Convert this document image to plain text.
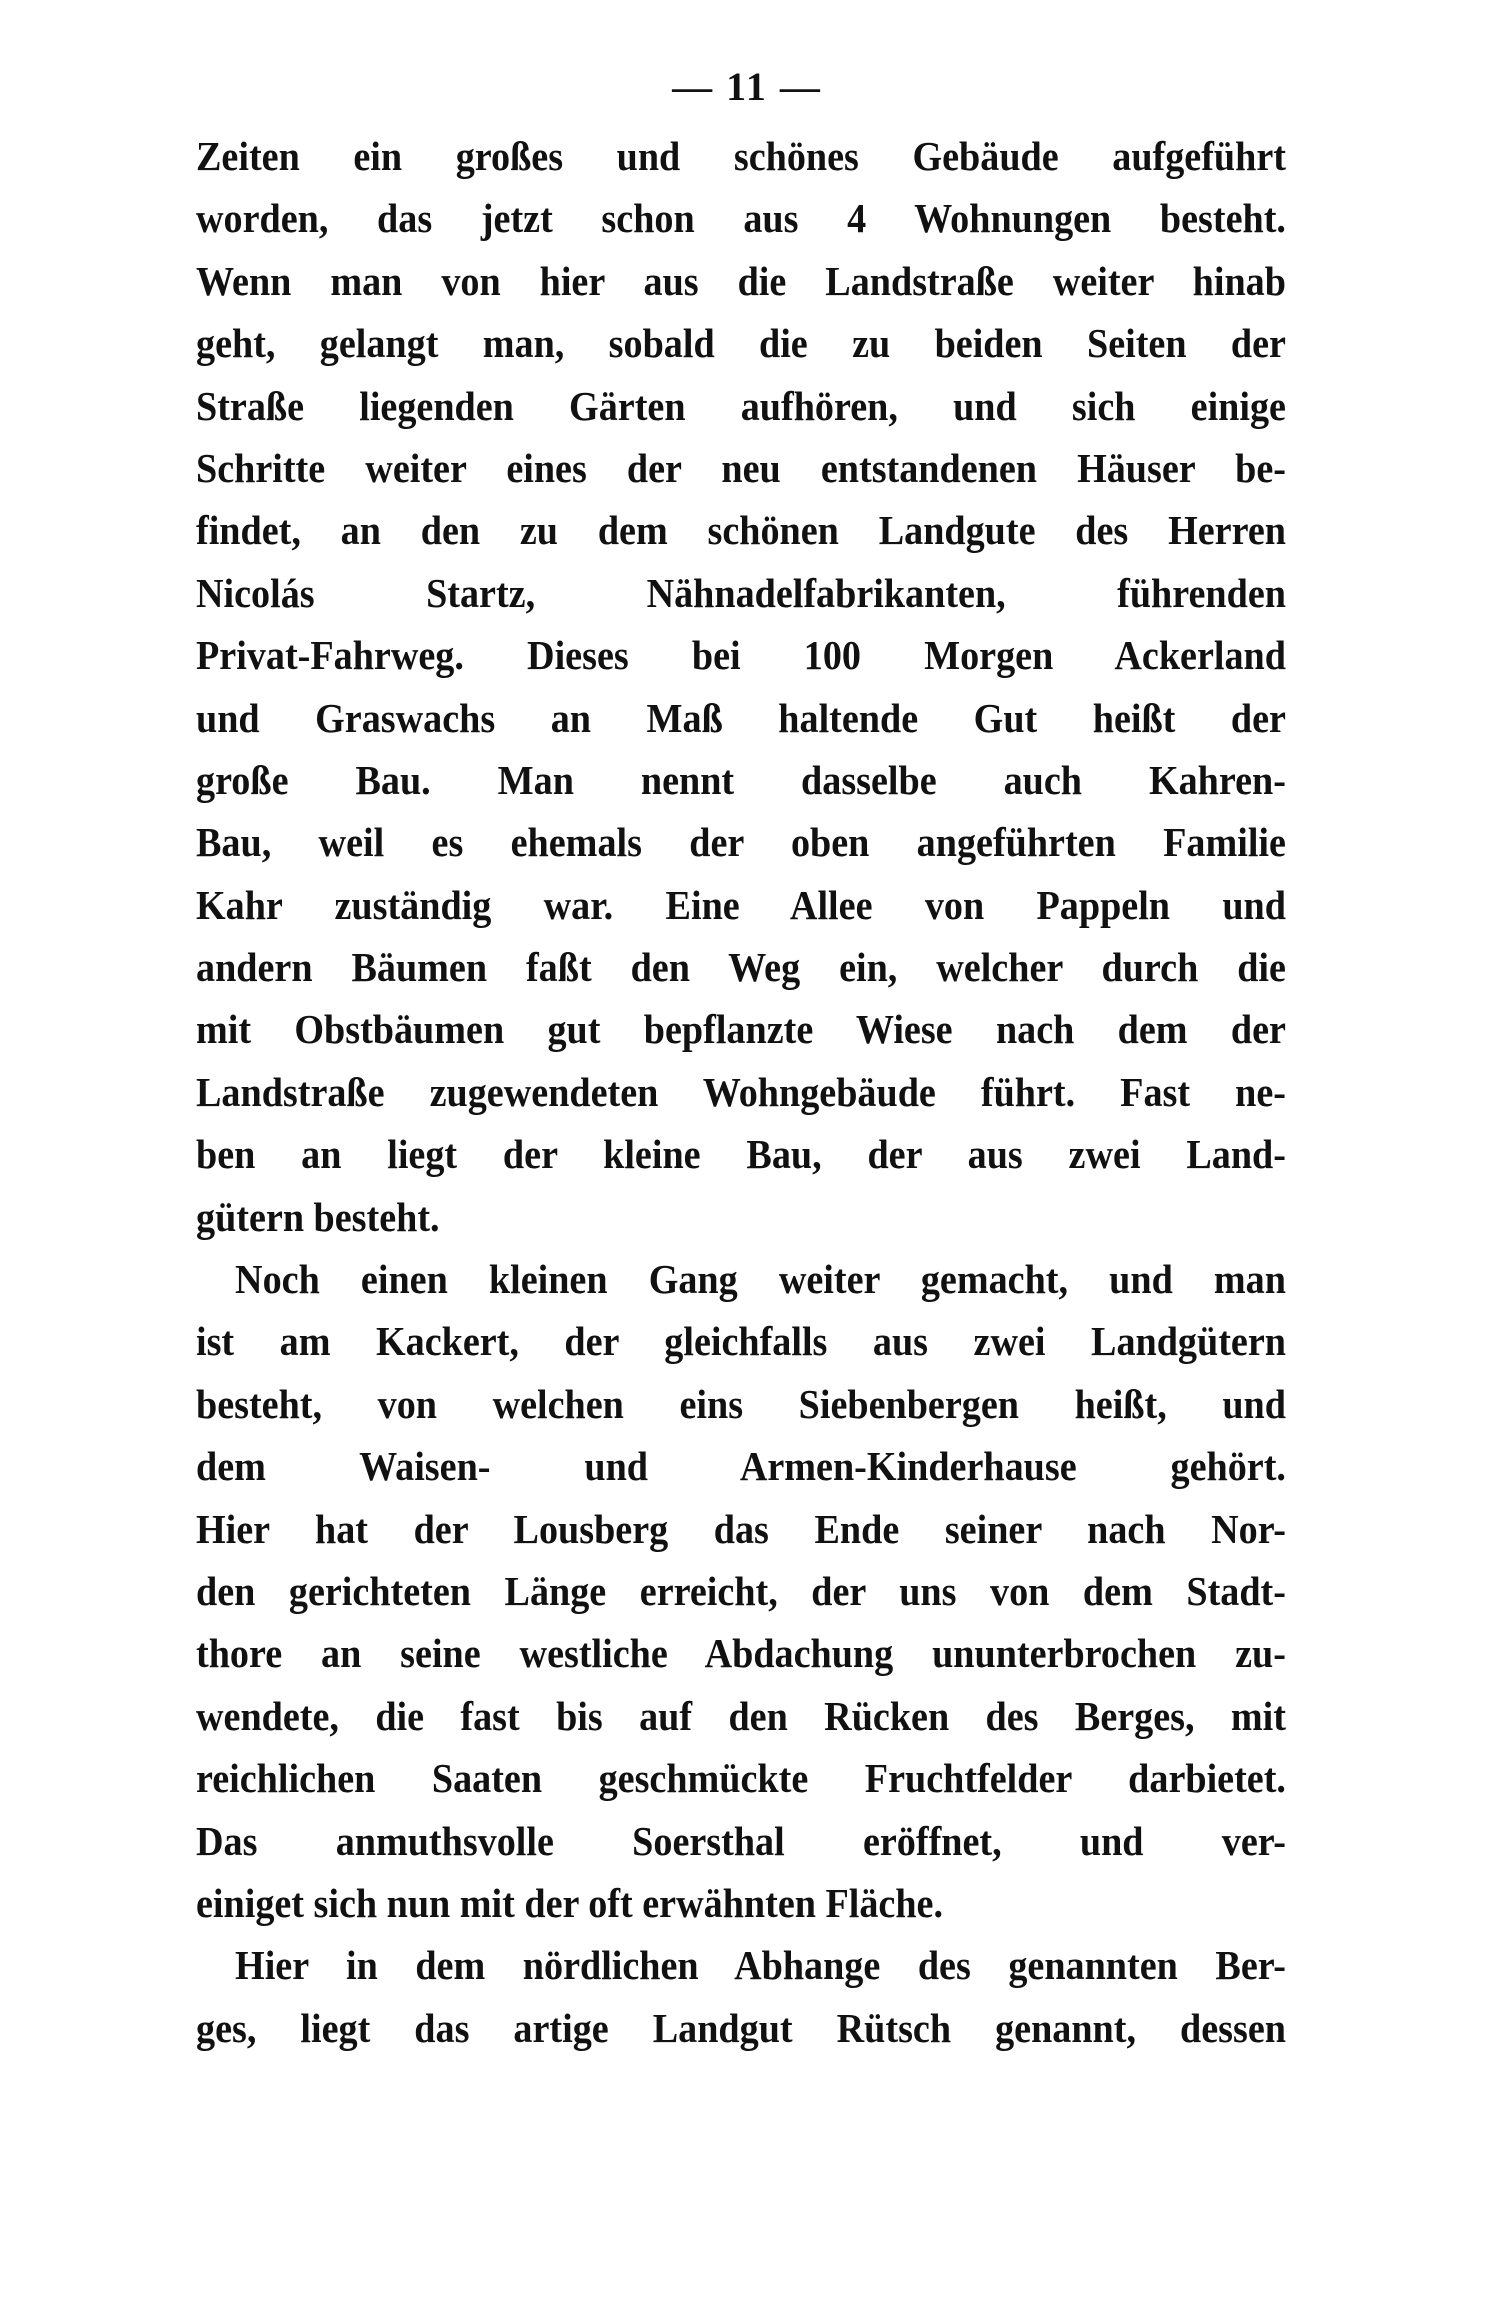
— 11 —
Zeiten ein großes und schönes Gebäude aufgeführt
worden, das jetzt schon aus 4 Wohnungen besteht.
Wenn man von hier aus die Landstraße weiter hinab
geht, gelangt man, sobald die zu beiden Seiten der
Straße liegenden Gärten aufhören, und sich einige
Schritte weiter eines der neu entstandenen Häuser be-
findet, an den zu dem schönen Landgute des Herren
Nicolás Startz, Nähnadelfabrikanten, führenden
Privat-Fahrweg. Dieses bei 100 Morgen Ackerland
und Graswachs an Maß haltende Gut heißt der
große Bau. Man nennt dasselbe auch Kahren-
Bau, weil es ehemals der oben angeführten Familie
Kahr zuständig war. Eine Allee von Pappeln und
andern Bäumen faßt den Weg ein, welcher durch die
mit Obstbäumen gut bepflanzte Wiese nach dem der
Landstraße zugewendeten Wohngebäude führt. Fast ne-
ben an liegt der kleine Bau, der aus zwei Land-
gütern besteht.
Noch einen kleinen Gang weiter gemacht, und man
ist am Kackert, der gleichfalls aus zwei Landgütern
besteht, von welchen eins Siebenbergen heißt, und
dem Waisen- und Armen-Kinderhause gehört.
Hier hat der Lousberg das Ende seiner nach Nor-
den gerichteten Länge erreicht, der uns von dem Stadt-
thore an seine westliche Abdachung ununterbrochen zu-
wendete, die fast bis auf den Rücken des Berges, mit
reichlichen Saaten geschmückte Fruchtfelder darbietet.
Das anmuthsvolle Soersthal eröffnet, und ver-
einiget sich nun mit der oft erwähnten Fläche.
Hier in dem nördlichen Abhange des genannten Ber-
ges, liegt das artige Landgut Rütsch genannt, dessen
